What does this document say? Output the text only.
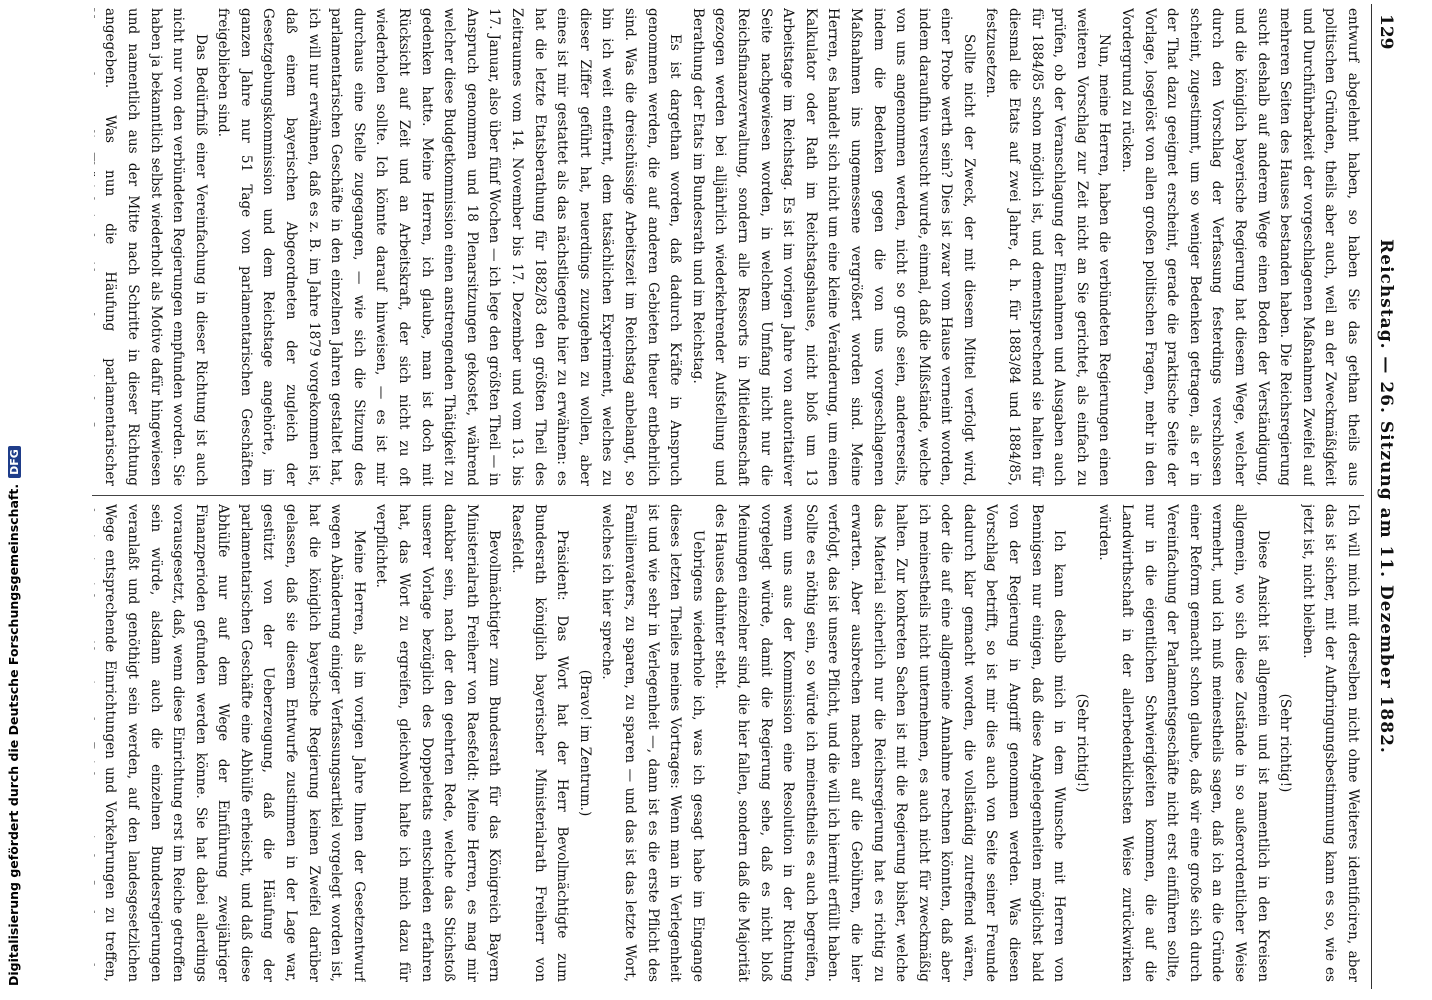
129
Reichstag. — 26. Sitzung am 11. Dezember 1882.

entwurf abgelehnt haben, so haben Sie das gethan theils aus politischen Gründen, theils aber auch, weil an der Zweckmäßigkeit und Durchführbarkeit der vorgeschlagenen Maßnahmen Zweifel auf mehreren Seiten des Hauses bestanden haben. Die Reichsregierung sucht deshalb auf anderem Wege einen Boden der Verständigung, und die königlich bayerische Regierung hat diesem Wege, welcher durch den Vorschlag der Verfassung festerdings verschlossen scheint, zugestimmt, um so weniger Bedenken getragen, als er in der That dazu geeignet erscheint, gerade die praktische Seite der Vorlage, losgelöst von allen großen politischen Fragen, mehr in den Vordergrund zu rücken.

Nun, meine Herren, haben die verbündeten Regierungen einen weiteren Vorschlag zur Zeit nicht an Sie gerichtet, als einfach zu prüfen, ob der Veranschlagung der Einnahmen und Ausgaben auch für 1884/85 schon möglich ist, und dementsprechend sie halten für diesmal die Etats auf zwei Jahre, d. h. für 1883/84 und 1884/85, festzusetzen.

Sollte nicht der Zweck, der mit diesem Mittel verfolgt wird, einer Probe werth sein? Dies ist zwar vom Hause verneint worden, indem daraufhin versucht wurde, einmal, daß die Mißstände, welche von uns angenommen werden, nicht so groß seien, andererseits, indem die Bedenken gegen die von uns vorgeschlagenen Maßnahmen ins ungemessene vergrößert worden sind. Meine Herren, es handelt sich nicht um eine kleine Veränderung, um einen Kalkulator oder Rath im Reichstagshause, nicht bloß um 13 Arbeitstage im Reichstag. Es ist im vorigen Jahre von autoritativer Seite nachgewiesen worden, in welchem Umfang nicht nur die Reichsfinanzverwaltung, sondern alle Ressorts in Mitleidenschaft gezogen werden bei alljährlich wiederkehrender Aufstellung und Berathung der Etats im Bundesrath und im Reichstag.

Es ist dargethan worden, daß dadurch Kräfte in Anspruch genommen werden, die auf anderen Gebieten theuer entbehrlich sind. Was die dreischüssige Arbeitszeit im Reichstag anbelangt, so bin ich weit entfernt, dem tatsächlichen Experiment, welches zu dieser Ziffer geführt hat, neuerdings zuzugehen zu wollen, aber eines ist mir gestattet als das nächstliegende hier zu erwähnen: es hat die letzte Etatsberathung für 1882/83 den größten Theil des Zeitraumes vom 14. November bis 17. Dezember und vom 13. bis 17. Januar, also über fünf Wochen — ich lege den größten Theil — in Anspruch genommen und 18 Plenarsitzungen gekostet, während welcher diese Budgetkommission einen anstrengenden Thätigkeit zu gedenken hatte. Meine Herren, ich glaube, man ist doch mit Rücksicht auf Zeit und an Arbeitskraft, der sich nicht zu oft wiederholen sollte. Ich könnte darauf hinweisen, — es ist mir durchaus eine Stelle zugegangen, — wie sich die Sitzung des parlamentarischen Geschäfte in den einzelnen Jahren gestaltet hat, ich will nur erwähnen, daß es z. B. im Jahre 1879 vorgekommen ist, daß einem bayerischen Abgeordneten der zugleich der Gesetzgebungskommission und dem Reichstage angehörte, im ganzen Jahre nur 51 Tage von parlamentarischen Geschäften freigeblieben sind.

Das Bedürfniß einer Vereinfachung in dieser Richtung ist auch nicht nur von den verbündeten Regierungen empfunden worden. Sie haben ja bekanntlich selbst wiederholt als Motive dafür hingewiesen und namentlich aus der Mitte nach Schritte in dieser Richtung angegeben. Was nun die Häufung parlamentarischer

Ich will mich mit derselben nicht ohne Weiteres identificiren, aber das ist sicher, mit der Aufbringungsbestimmung kann es so, wie es jetzt ist, nicht bleiben.

(Sehr richtig!)

Diese Ansicht ist allgemein und ist namentlich in den Kreisen allgemein, wo sich diese Zustände in so außerordentlicher Weise vermehrt, und ich muß meinestheils sagen, daß ich an die Gründe einer Reform gemacht schon glaube, daß wir eine große sich durch Vereinfachung der Parlamentsgeschäfte nicht erst einführen sollte, nur in die eigentlichen Schwierigkeiten kommen, die auf die Landwirthschaft in der allerbedenklichsten Weise zurückwirken würden.

(Sehr richtig!)

Ich kann deshalb mich in dem Wunsche mit Herren von Bennigsen nur einigen, daß diese Angelegenheiten möglichst bald von der Regierung in Angriff genommen werden. Was diesen Vorschlag betrifft, so ist mir dies auch von Seite seiner Freunde dadurch klar gemacht worden, die vollständig zutreffend wären, oder die auf eine allgemeine Annahme rechnen könnten, daß aber ich meinestheils nicht unternehmen, es auch nicht für zweckmäßig halten. Zur konkreten Sachen ist mit die Regierung bisher, welche das Material sicherlich nur die Reichsregierung hat es richtig zu erwarten. Aber ausbrechen machen auf die Gebühren, die hier verfolgt, das ist unsere Pflicht, und die will ich hiermit erfüllt haben. Sollte es nöthig sein, so würde ich meinestheils es auch begreifen, wenn uns aus der Kommission eine Resolution in der Richtung vorgelegt würde, damit die Regierung sehe, daß es nicht bloß Meinungen einzelner sind, die hier fallen, sondern daß die Majorität des Hauses dahinter steht.

Uebrigens wiederhole ich, was ich gesagt habe im Eingange dieses letzten Theiles meines Vortrages: Wenn man in Verlegenheit ist und wie sehr in Verlegenheit —, dann ist es die erste Pflicht des Familienvaters, zu sparen, zu sparen — und das ist das letzte Wort, welches ich hier spreche.

(Bravo! im Zentrum.)

Präsident: Das Wort hat der Herr Bevollmächtigte zum Bundesrath königlich bayerischer Ministerialrath Freiherr von Raesfeldt.

Bevollmächtigter zum Bundesrath für das Königreich Bayern Ministerialrath Freiherr von Raesfeldt: Meine Herren, es mag mir dankbar sein, nach der den geehrten Rede, welche das Stichstoß unserer Vorlage bezüglich des Doppeletats entschieden erfahren hat, das Wort zu ergreifen, gleichwohl halte ich mich dazu für verpflichtet.

Meine Herren, als im vorigen Jahre Ihnen der Gesetzentwurf wegen Abänderung einiger Verfassungsartikel vorgelegt worden ist, hat die königlich bayerische Regierung keinen Zweifel darüber gelassen, daß sie diesem Entwurfe zustimmen in der Lage war, gestützt von der Ueberzeugung, daß die Häufung der parlamentarischen Geschäfte eine Abhülfe erheischt, und daß diese Abhülfe nur auf dem Wege der Einführung zweijähriger Finanzperioden gefunden werden könne. Sie hat dabei allerdings vorausgesetzt, daß, wenn diese Einrichtung erst im Reiche getroffen sein würde, alsdann auch die einzelnen Bundesregierungen veranlaßt und genöthigt sein werden, auf den landesgesetzlichen Wege entsprechende Einrichtungen und Vorkehrungen zu treffen,

Digitalisierung gefördert durch die Deutsche Forschungsgemeinschaft.DFG
